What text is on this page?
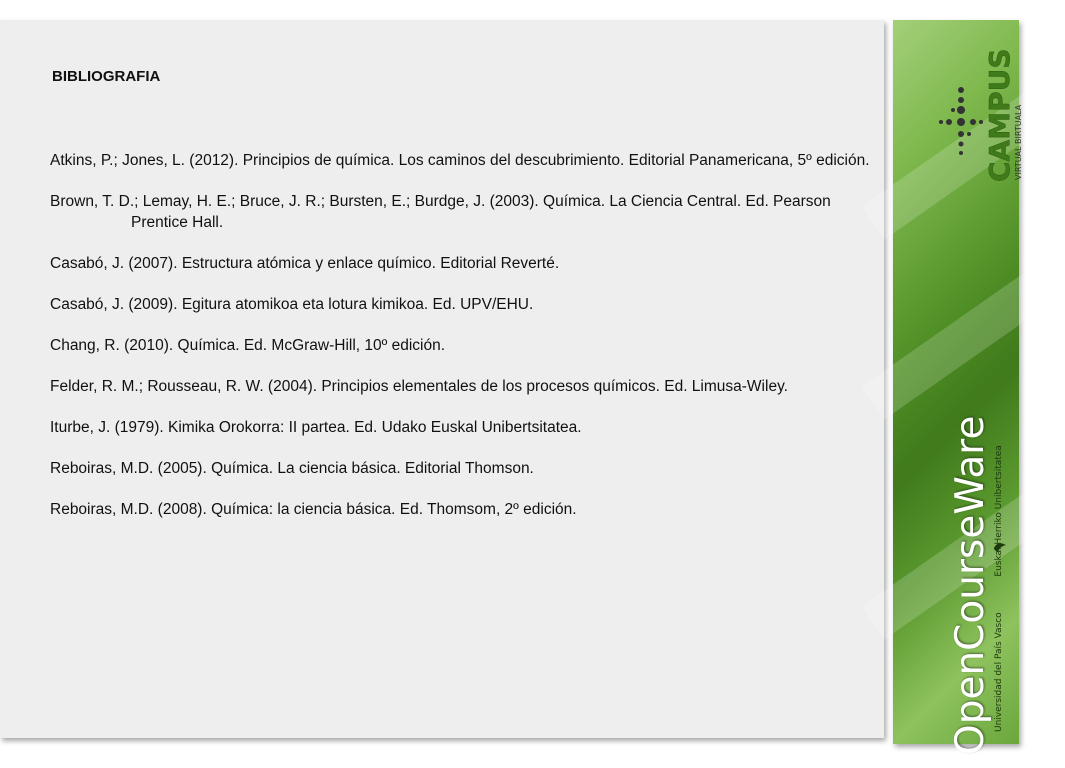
BIBLIOGRAFIA
Atkins, P.; Jones, L. (2012). Principios de química. Los caminos del descubrimiento. Editorial Panamericana, 5º edición.
Brown, T. D.; Lemay, H. E.; Bruce, J. R.; Bursten, E.; Burdge, J. (2003). Química. La Ciencia Central. Ed. Pearson Prentice Hall.
Casabó, J. (2007). Estructura atómica y enlace químico. Editorial Reverté.
Casabó, J. (2009). Egitura atomikoa eta lotura kimikoa. Ed. UPV/EHU.
Chang, R. (2010). Química. Ed. McGraw-Hill, 10º edición.
Felder, R. M.; Rousseau, R. W. (2004). Principios elementales de los procesos químicos. Ed. Limusa-Wiley.
Iturbe, J. (1979). Kimika Orokorra: II partea. Ed. Udako Euskal Unibertsitatea.
Reboiras, M.D. (2005). Química. La ciencia básica. Editorial Thomson.
Reboiras, M.D. (2008). Química: la ciencia básica. Ed. Thomsom, 2º edición.
CAMPUS
VIRTUAL BIRTUALA
OpenCourseWare Universidad del País Vasco  Euskal Herriko Unibertsitatea
